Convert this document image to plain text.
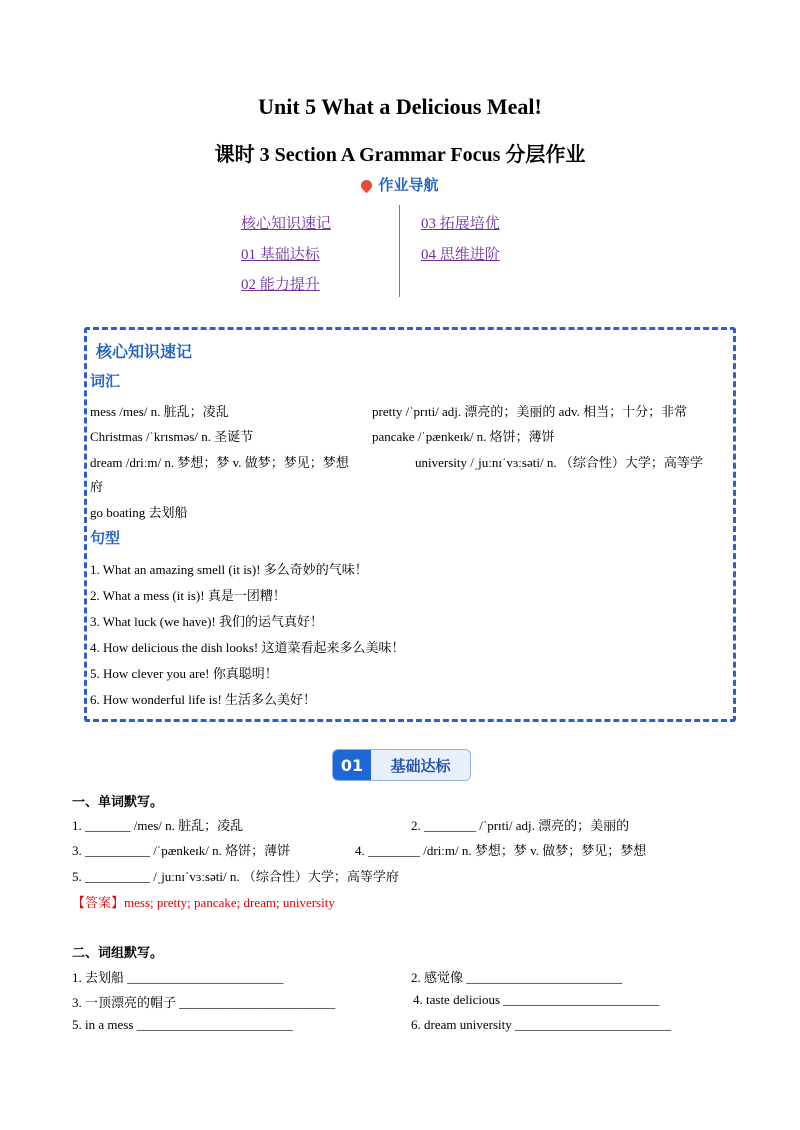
Unit 5 What a Delicious Meal!
课时 3 Section A Grammar Focus 分层作业
作业导航
核心知识速记
01 基础达标
02 能力提升
03 拓展培优
04 思维进阶
核心知识速记
词汇
mess /mes/ n. 脏乱；凌乱	pretty /ˈprɪti/ adj. 漂亮的；美丽的 adv. 相当；十分；非常
Christmas /ˈkrɪsməs/ n. 圣诞节	pancake /ˈpænkeɪk/ n. 烙饼；薄饼
dream /driːm/ n. 梦想；梦 v. 做梦；梦见；梦想	university /ˌjuːnɪˈvɜːsəti/ n. （综合性）大学；高等学
府
go boating 去划船
句型
1. What an amazing smell (it is)! 多么奇妙的气味！
2. What a mess (it is)! 真是一团糟！
3. What luck (we have)! 我们的运气真好！
4. How delicious the dish looks! 这道菜看起来多么美味！
5. How clever you are! 你真聪明！
6. How wonderful life is! 生活多么美好！
01	基础达标
一、单词默写。
1. _______ /mes/ n. 脏乱；凌乱	2. ________ /ˈprɪti/ adj. 漂亮的；美丽的
3. __________ /ˈpænkeɪk/ n. 烙饼；薄饼	4. ________ /driːm/ n. 梦想；梦 v. 做梦；梦见；梦想
5. __________ /ˌjuːnɪˈvɜːsəti/ n. （综合性）大学；高等学府
【答案】mess; pretty; pancake; dream; university
二、词组默写。
1. 去划船 ________________________	2. 感觉像 ________________________
3. 一顶漂亮的帽子 ________________________	4. taste delicious ________________________
5. in a mess ________________________	6. dream university ________________________
